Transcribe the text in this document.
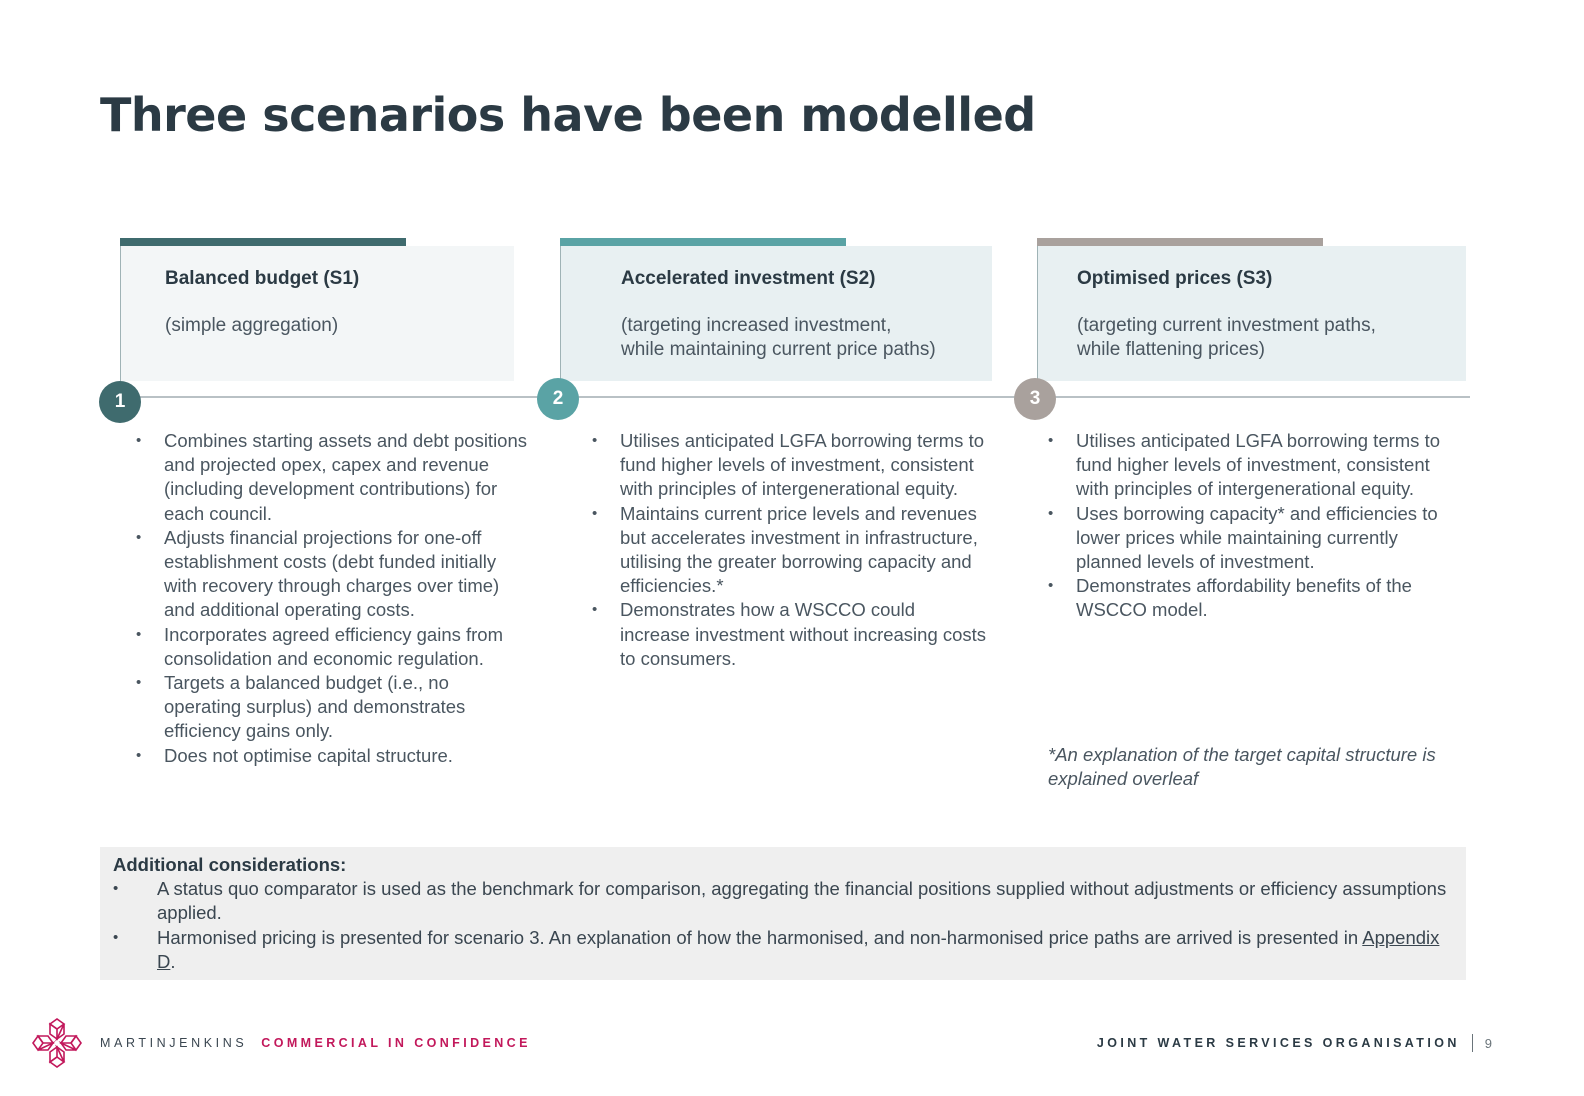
Three scenarios have been modelled
Balanced budget (S1)
(simple aggregation)
Accelerated investment (S2)
(targeting increased investment,
while maintaining current price paths)
Optimised prices (S3)
(targeting current investment paths,
while flattening prices)
1	2	3
• Combines starting assets and debt positions and projected opex, capex and revenue (including development contributions) for each council.
• Adjusts financial projections for one-off establishment costs (debt funded initially with recovery through charges over time) and additional operating costs.
• Incorporates agreed efficiency gains from consolidation and economic regulation.
• Targets a balanced budget (i.e., no operating surplus) and demonstrates efficiency gains only.
• Does not optimise capital structure.
• Utilises anticipated LGFA borrowing terms to fund higher levels of investment, consistent with principles of intergenerational equity.
• Maintains current price levels and revenues but accelerates investment in infrastructure, utilising the greater borrowing capacity and efficiencies.*
• Demonstrates how a WSCCO could increase investment without increasing costs to consumers.
• Utilises anticipated LGFA borrowing terms to fund higher levels of investment, consistent with principles of intergenerational equity.
• Uses borrowing capacity* and efficiencies to lower prices while maintaining currently planned levels of investment.
• Demonstrates affordability benefits of the WSCCO model.
*An explanation of the target capital structure is explained overleaf
Additional considerations:
• A status quo comparator is used as the benchmark for comparison, aggregating the financial positions supplied without adjustments or efficiency assumptions applied.
• Harmonised pricing is presented for scenario 3. An explanation of how the harmonised, and non-harmonised price paths are arrived is presented in Appendix D.
MARTINJENKINS COMMERCIAL IN CONFIDENCE	JOINT WATER SERVICES ORGANISATION 9
